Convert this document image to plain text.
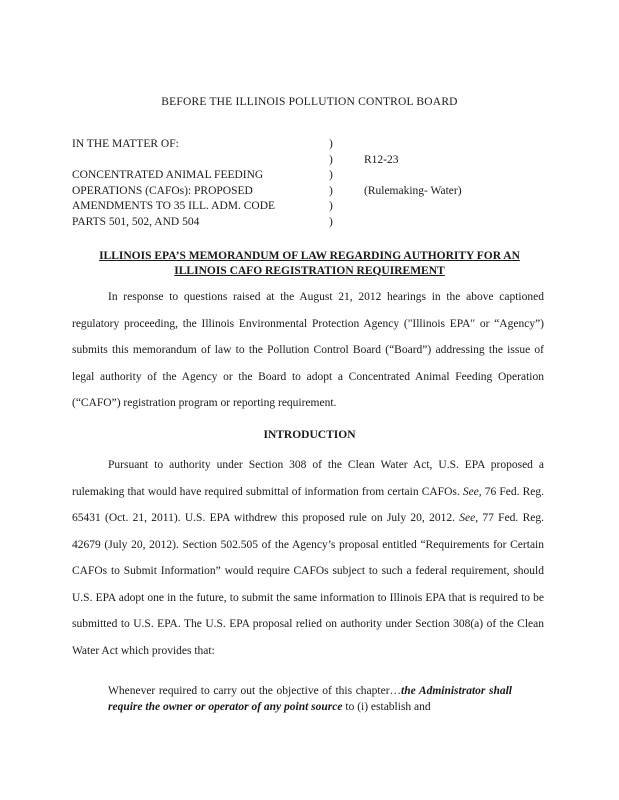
BEFORE THE ILLINOIS POLLUTION CONTROL BOARD
IN THE MATTER OF:

CONCENTRATED ANIMAL FEEDING
OPERATIONS (CAFOs): PROPOSED
AMENDMENTS TO 35 ILL. ADM. CODE
PARTS 501, 502, AND 504
)
)
)
)
)
)
R12-23
(Rulemaking- Water)
ILLINOIS EPA’S MEMORANDUM OF LAW REGARDING AUTHORITY FOR AN
ILLINOIS CAFO REGISTRATION REQUIREMENT

In response to questions raised at the August 21, 2012 hearings in the above captioned regulatory proceeding, the Illinois Environmental Protection Agency ("Illinois EPA" or “Agency”) submits this memorandum of law to the Pollution Control Board (“Board”) addressing the issue of legal authority of the Agency or the Board to adopt a Concentrated Animal Feeding Operation (“CAFO”) registration program or reporting requirement.

INTRODUCTION

Pursuant to authority under Section 308 of the Clean Water Act, U.S. EPA proposed a rulemaking that would have required submittal of information from certain CAFOs. See, 76 Fed. Reg. 65431 (Oct. 21, 2011). U.S. EPA withdrew this proposed rule on July 20, 2012. See, 77 Fed. Reg. 42679 (July 20, 2012). Section 502.505 of the Agency’s proposal entitled “Requirements for Certain CAFOs to Submit Information” would require CAFOs subject to such a federal requirement, should U.S. EPA adopt one in the future, to submit the same information to Illinois EPA that is required to be submitted to U.S. EPA. The U.S. EPA proposal relied on authority under Section 308(a) of the Clean Water Act which provides that:

Whenever required to carry out the objective of this chapter…the Administrator shall require the owner or operator of any point source to (i) establish and
